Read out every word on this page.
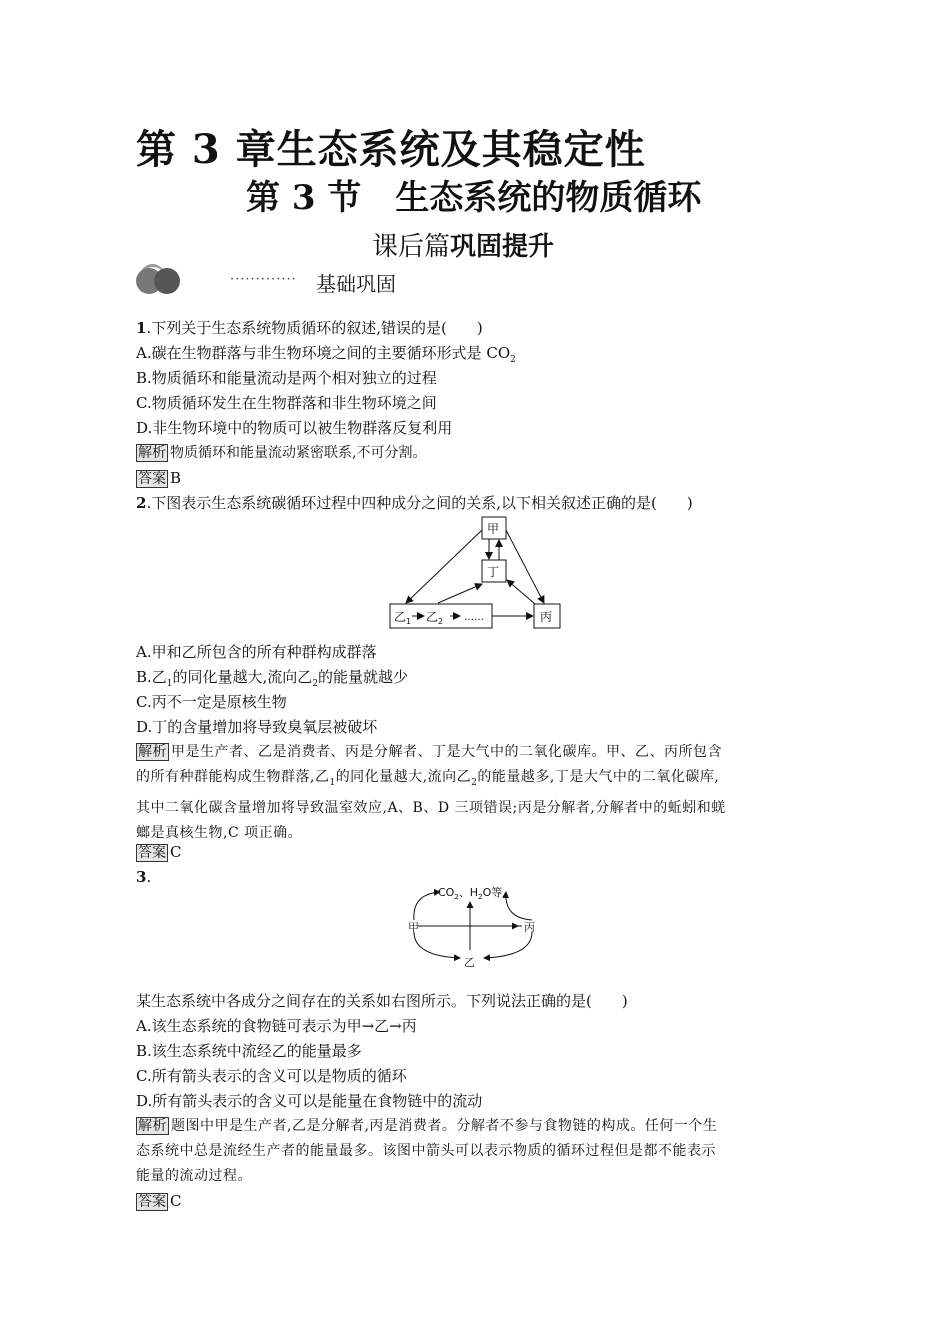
第 3 章生态系统及其稳定性
第 3 节　生态系统的物质循环
课后篇巩固提升
············· 基础巩固
1.下列关于生态系统物质循环的叙述,错误的是(　　)
A.碳在生物群落与非生物环境之间的主要循环形式是 $CO_2$
B.物质循环和能量流动是两个相对独立的过程
C.物质循环发生在生物群落和非生物环境之间
D.非生物环境中的物质可以被生物群落反复利用
解析 物质循环和能量流动紧密联系,不可分割。
答案 B
2.下图表示生态系统碳循环过程中四种成分之间的关系,以下相关叙述正确的是(　　)
甲
丁
丙
乙 1 乙 2 ……
A.甲和乙所包含的所有种群构成群落
B.乙$_1$的同化量越大,流向乙$_2$的能量就越少
C.丙不一定是原核生物
D.丁的含量增加将导致臭氧层被破坏
解析 甲是生产者、乙是消费者、丙是分解者、丁是大气中的二氧化碳库。甲、乙、丙所包含
的所有种群能构成生物群落,乙$_1$的同化量越大,流向乙$_2$的能量越多,丁是大气中的二氧化碳库,
其中二氧化碳含量增加将导致温室效应,A、B、D 三项错误;丙是分解者,分解者中的蚯蚓和蜣
螂是真核生物,C 项正确。
答案 C
3.
$CO_2$、$H_2O$等
甲	丙
乙
某生态系统中各成分之间存在的关系如右图所示。下列说法正确的是(　　)
A.该生态系统的食物链可表示为甲→乙→丙
B.该生态系统中流经乙的能量最多
C.所有箭头表示的含义可以是物质的循环
D.所有箭头表示的含义可以是能量在食物链中的流动
解析 题图中甲是生产者,乙是分解者,丙是消费者。分解者不参与食物链的构成。任何一个生
态系统中总是流经生产者的能量最多。该图中箭头可以表示物质的循环过程但是都不能表示
能量的流动过程。
答案 C
